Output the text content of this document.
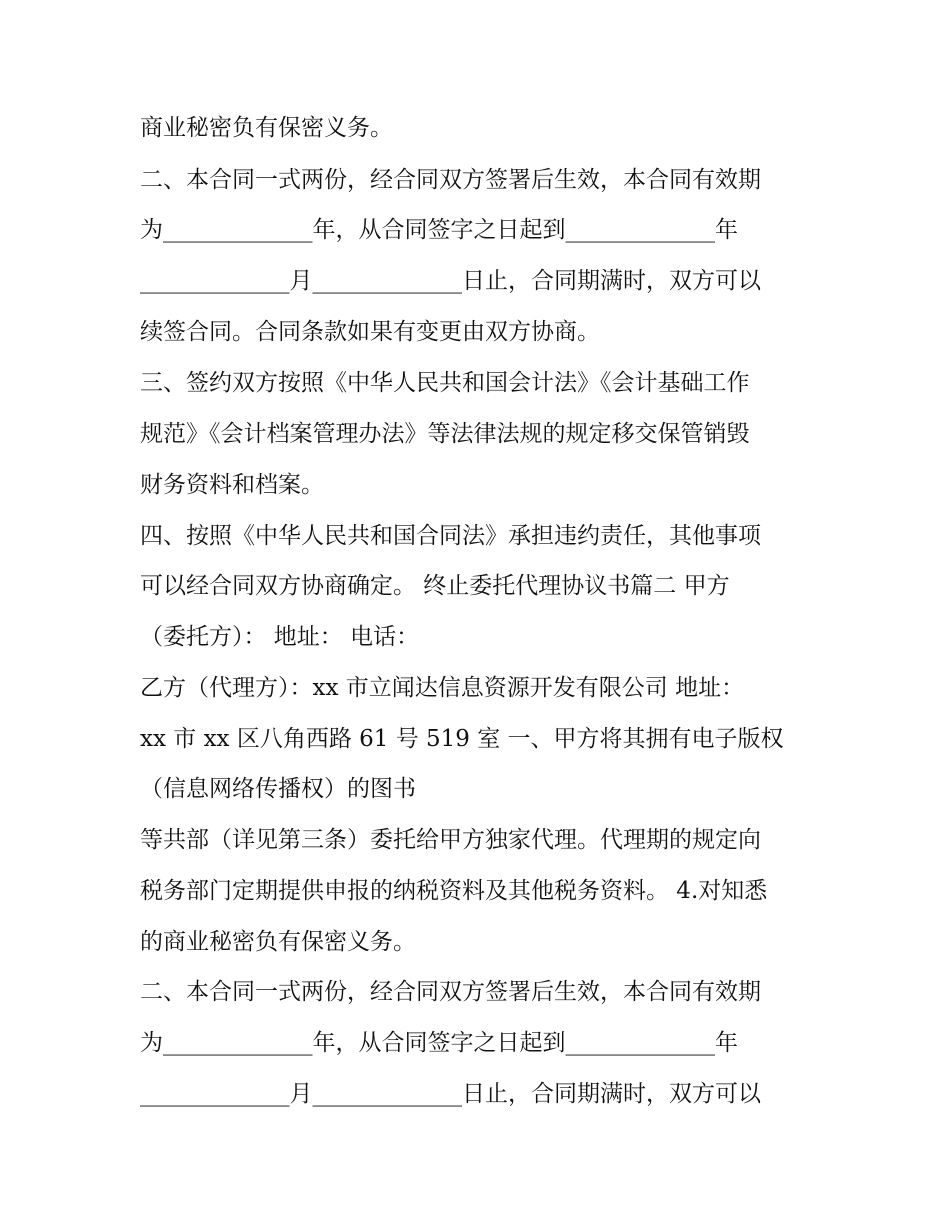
商业秘密负有保密义务。
二、本合同一式两份，经合同双方签署后生效，本合同有效期
为_____________年，从合同签字之日起到_____________年
_____________月_____________日止，合同期满时，双方可以
续签合同。合同条款如果有变更由双方协商。
三、签约双方按照《中华人民共和国会计法》《会计基础工作
规范》《会计档案管理办法》等法律法规的规定移交保管销毁
财务资料和档案。
四、按照《中华人民共和国合同法》承担违约责任，其他事项
可以经合同双方协商确定。 终止委托代理协议书篇二 甲方
（委托方）： 地址： 电话：
乙方（代理方）：xx 市立闻达信息资源开发有限公司 地址：
xx 市 xx 区八角西路 61 号 519 室 一、甲方将其拥有电子版权
（信息网络传播权）的图书
等共部（详见第三条）委托给甲方独家代理。代理期的规定向
税务部门定期提供申报的纳税资料及其他税务资料。 4.对知悉
的商业秘密负有保密义务。
二、本合同一式两份，经合同双方签署后生效，本合同有效期
为_____________年，从合同签字之日起到_____________年
_____________月_____________日止，合同期满时，双方可以
